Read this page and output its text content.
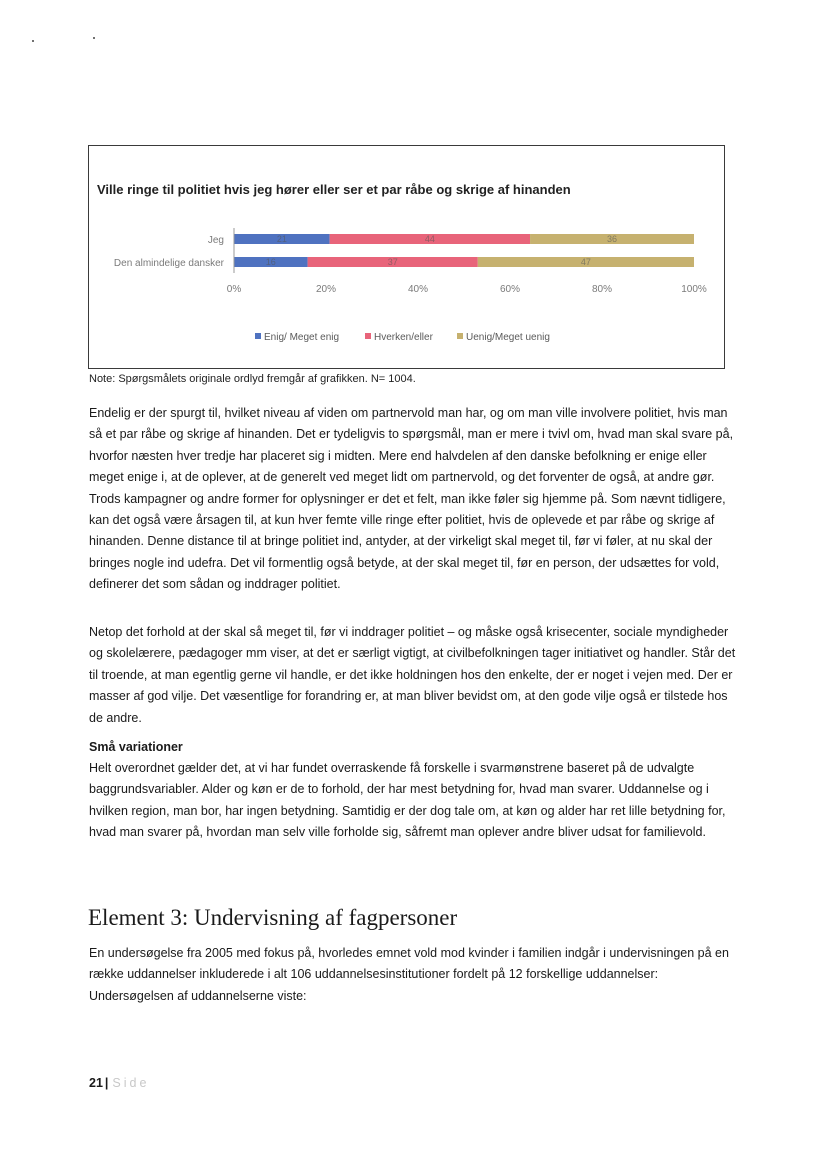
Ville ringe til politiet hvis jeg hører eller ser et par råbe og skrige af hinanden

Jeg	21	44	36
Den almindelige dansker	16	37	47
0%	20%	40%	60%	80%	100%
Enig/ Meget enig	Hverken/eller	Uenig/Meget uenig

Note: Spørgsmålets originale ordlyd fremgår af grafikken. N= 1004.

Endelig er der spurgt til, hvilket niveau af viden om partnervold man har, og om man ville involvere politiet, hvis man så et par råbe og skrige af hinanden. Det er tydeligvis to spørgsmål, man er mere i tvivl om, hvad man skal svare på, hvorfor næsten hver tredje har placeret sig i midten. Mere end halvdelen af den danske befolkning er enige eller meget enige i, at de oplever, at de generelt ved meget lidt om partnervold, og det forventer de også, at andre gør. Trods kampagner og andre former for oplysninger er det et felt, man ikke føler sig hjemme på. Som nævnt tidligere, kan det også være årsagen til, at kun hver femte ville ringe efter politiet, hvis de oplevede et par råbe og skrige af hinanden. Denne distance til at bringe politiet ind, antyder, at der virkeligt skal meget til, før vi føler, at nu skal der bringes nogle ind udefra. Det vil formentlig også betyde, at der skal meget til, før en person, der udsættes for vold, definerer det som sådan og inddrager politiet.

Netop det forhold at der skal så meget til, før vi inddrager politiet – og måske også krisecenter, sociale myndigheder og skolelærere, pædagoger mm viser, at det er særligt vigtigt, at civilbefolkningen tager initiativet og handler. Står det til troende, at man egentlig gerne vil handle, er det ikke holdningen hos den enkelte, der er noget i vejen med. Der er masser af god vilje. Det væsentlige for forandring er, at man bliver bevidst om, at den gode vilje også er tilstede hos de andre.

Små variationer

Helt overordnet gælder det, at vi har fundet overraskende få forskelle i svarmønstrene baseret på de udvalgte baggrundsvariabler. Alder og køn er de to forhold, der har mest betydning for, hvad man svarer. Uddannelse og i hvilken region, man bor, har ingen betydning. Samtidig er der dog tale om, at køn og alder har ret lille betydning for, hvad man svarer på, hvordan man selv ville forholde sig, såfremt man oplever andre bliver udsat for familievold.

Element 3: Undervisning af fagpersoner

En undersøgelse fra 2005 med fokus på, hvorledes emnet vold mod kvinder i familien indgår i undervisningen på en række uddannelser inkluderede i alt 106 uddannelsesinstitutioner fordelt på 12 forskellige uddannelser: Undersøgelsen af uddannelserne viste:

21 | Side
